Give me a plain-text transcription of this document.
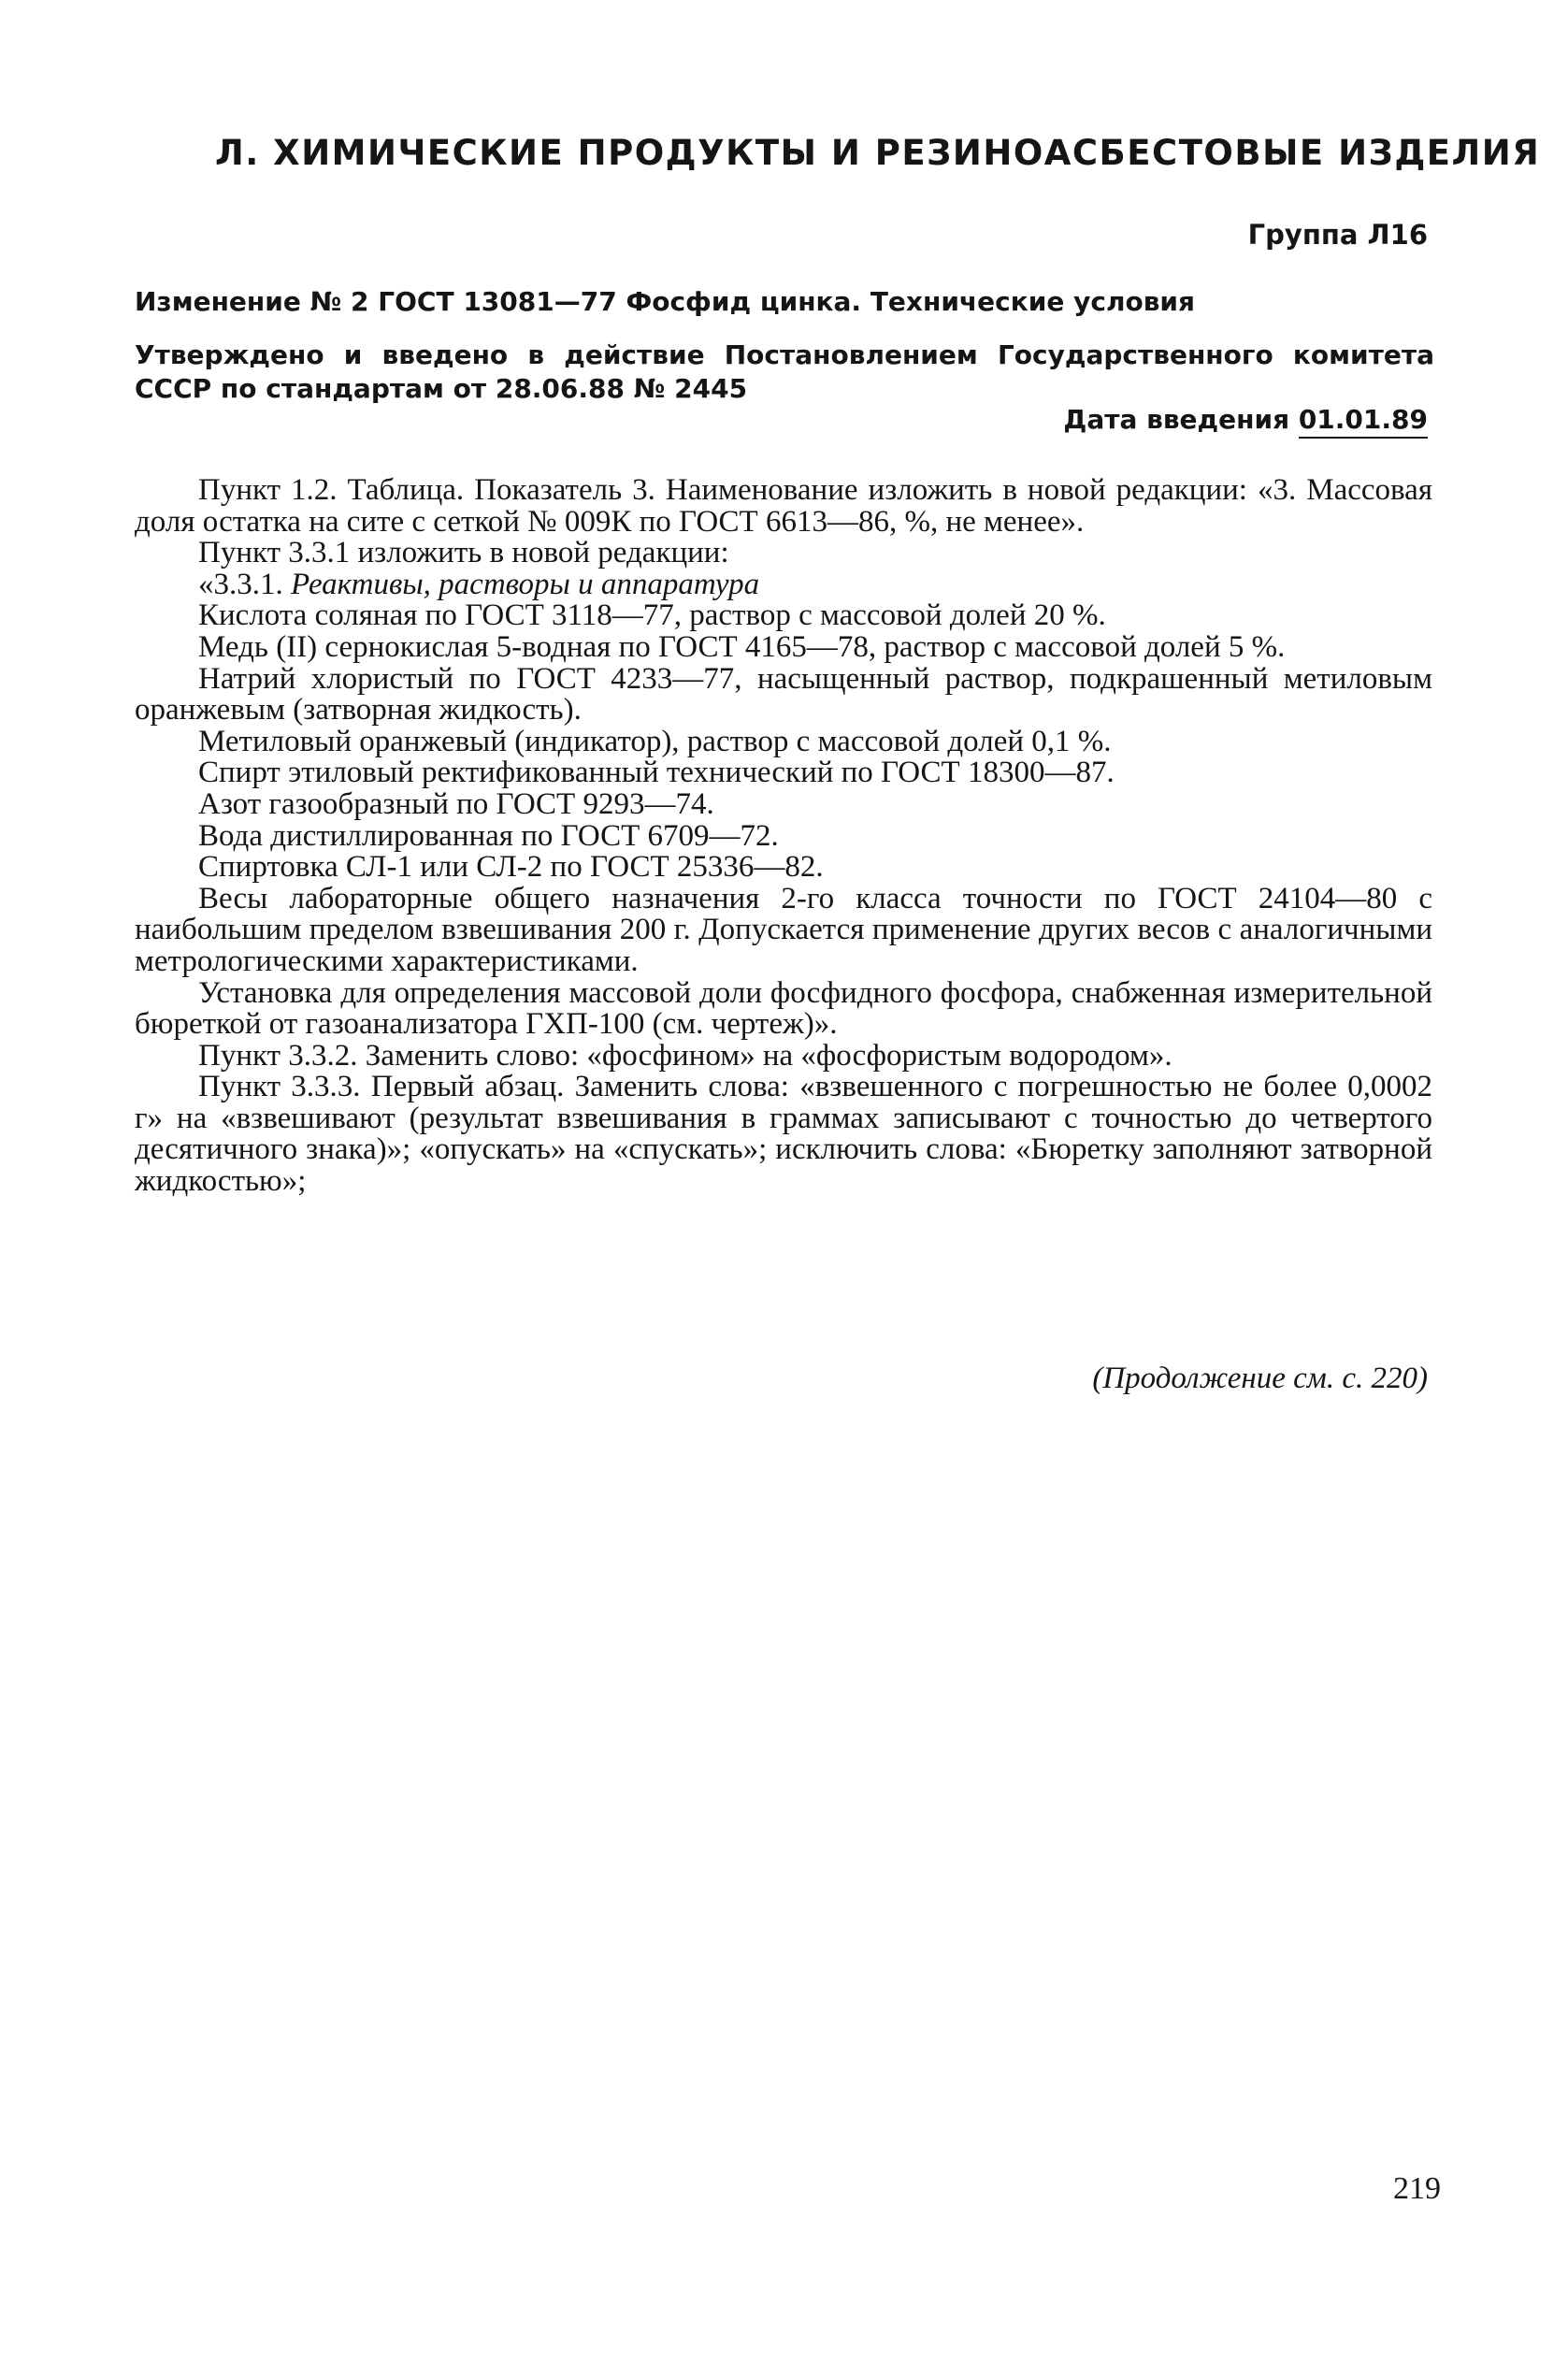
Л. ХИМИЧЕСКИЕ ПРОДУКТЫ И РЕЗИНОАСБЕСТОВЫЕ ИЗДЕЛИЯ
Группа Л16
Изменение № 2 ГОСТ 13081—77 Фосфид цинка. Технические условия
Утверждено и введено в действие Постановлением Государственного комитета СССР по стандартам от 28.06.88 № 2445
Дата введения 01.01.89

Пункт 1.2. Таблица. Показатель 3. Наименование изложить в новой редакции: «3. Массовая доля остатка на сите с сеткой № 009К по ГОСТ 6613—86, %, не менее».

Пункт 3.3.1 изложить в новой редакции:

«3.3.1. Реактивы, растворы и аппаратура

Кислота соляная по ГОСТ 3118—77, раствор с массовой долей 20 %.

Медь (II) сернокислая 5-водная по ГОСТ 4165—78, раствор с массовой долей 5 %.

Натрий хлористый по ГОСТ 4233—77, насыщенный раствор, подкрашенный метиловым оранжевым (затворная жидкость).

Метиловый оранжевый (индикатор), раствор с массовой долей 0,1 %.

Спирт этиловый ректификованный технический по ГОСТ 18300—87.

Азот газообразный по ГОСТ 9293—74.

Вода дистиллированная по ГОСТ 6709—72.

Спиртовка СЛ-1 или СЛ-2 по ГОСТ 25336—82.

Весы лабораторные общего назначения 2-го класса точности по ГОСТ 24104—80 с наибольшим пределом взвешивания 200 г. Допускается применение других весов с аналогичными метрологическими характеристиками.

Установка для определения массовой доли фосфидного фосфора, снабженная измерительной бюреткой от газоанализатора ГХП-100 (см. чертеж)».

Пункт 3.3.2. Заменить слово: «фосфином» на «фосфористым водородом».

Пункт 3.3.3. Первый абзац. Заменить слова: «взвешенного с погрешностью не более 0,0002 г» на «взвешивают (результат взвешивания в граммах записывают с точностью до четвертого десятичного знака)»; «опускать» на «спускать»; исключить слова: «Бюретку заполняют затворной жидкостью»;

(Продолжение см. с. 220)
219
